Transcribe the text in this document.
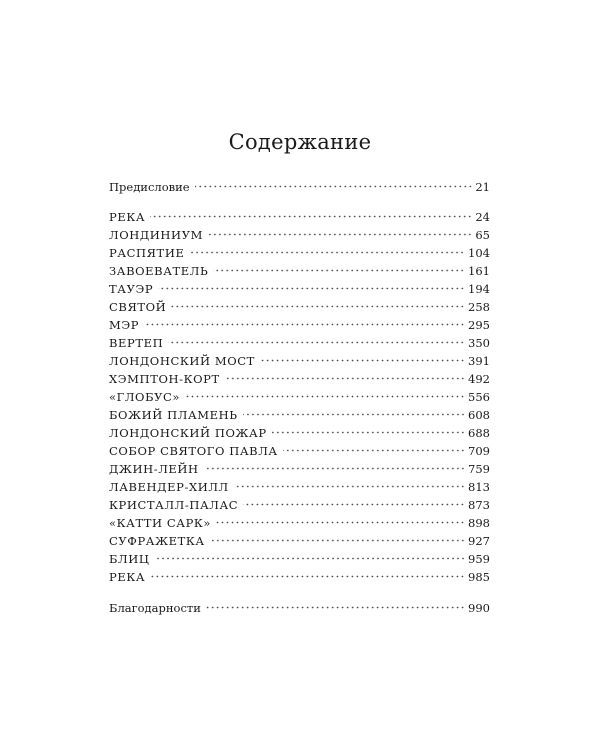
Содержание
Предисловие	21
РЕКА	24
ЛОНДИНИУМ	65
РАСПЯТИЕ	104
ЗАВОЕВАТЕЛЬ	161
ТАУЭР	194
СВЯТОЙ	258
МЭР	295
ВЕРТЕП	350
ЛОНДОНСКИЙ МОСТ	391
ХЭМПТОН-КОРТ	492
«ГЛОБУС»	556
БОЖИЙ ПЛАМЕНЬ	608
ЛОНДОНСКИЙ ПОЖАР	688
СОБОР СВЯТОГО ПАВЛА	709
ДЖИН-ЛЕЙН	759
ЛАВЕНДЕР-ХИЛЛ	813
КРИСТАЛЛ-ПАЛАС	873
«КАТТИ САРК»	898
СУФРАЖЕТКА	927
БЛИЦ	959
РЕКА	985
Благодарности	990
